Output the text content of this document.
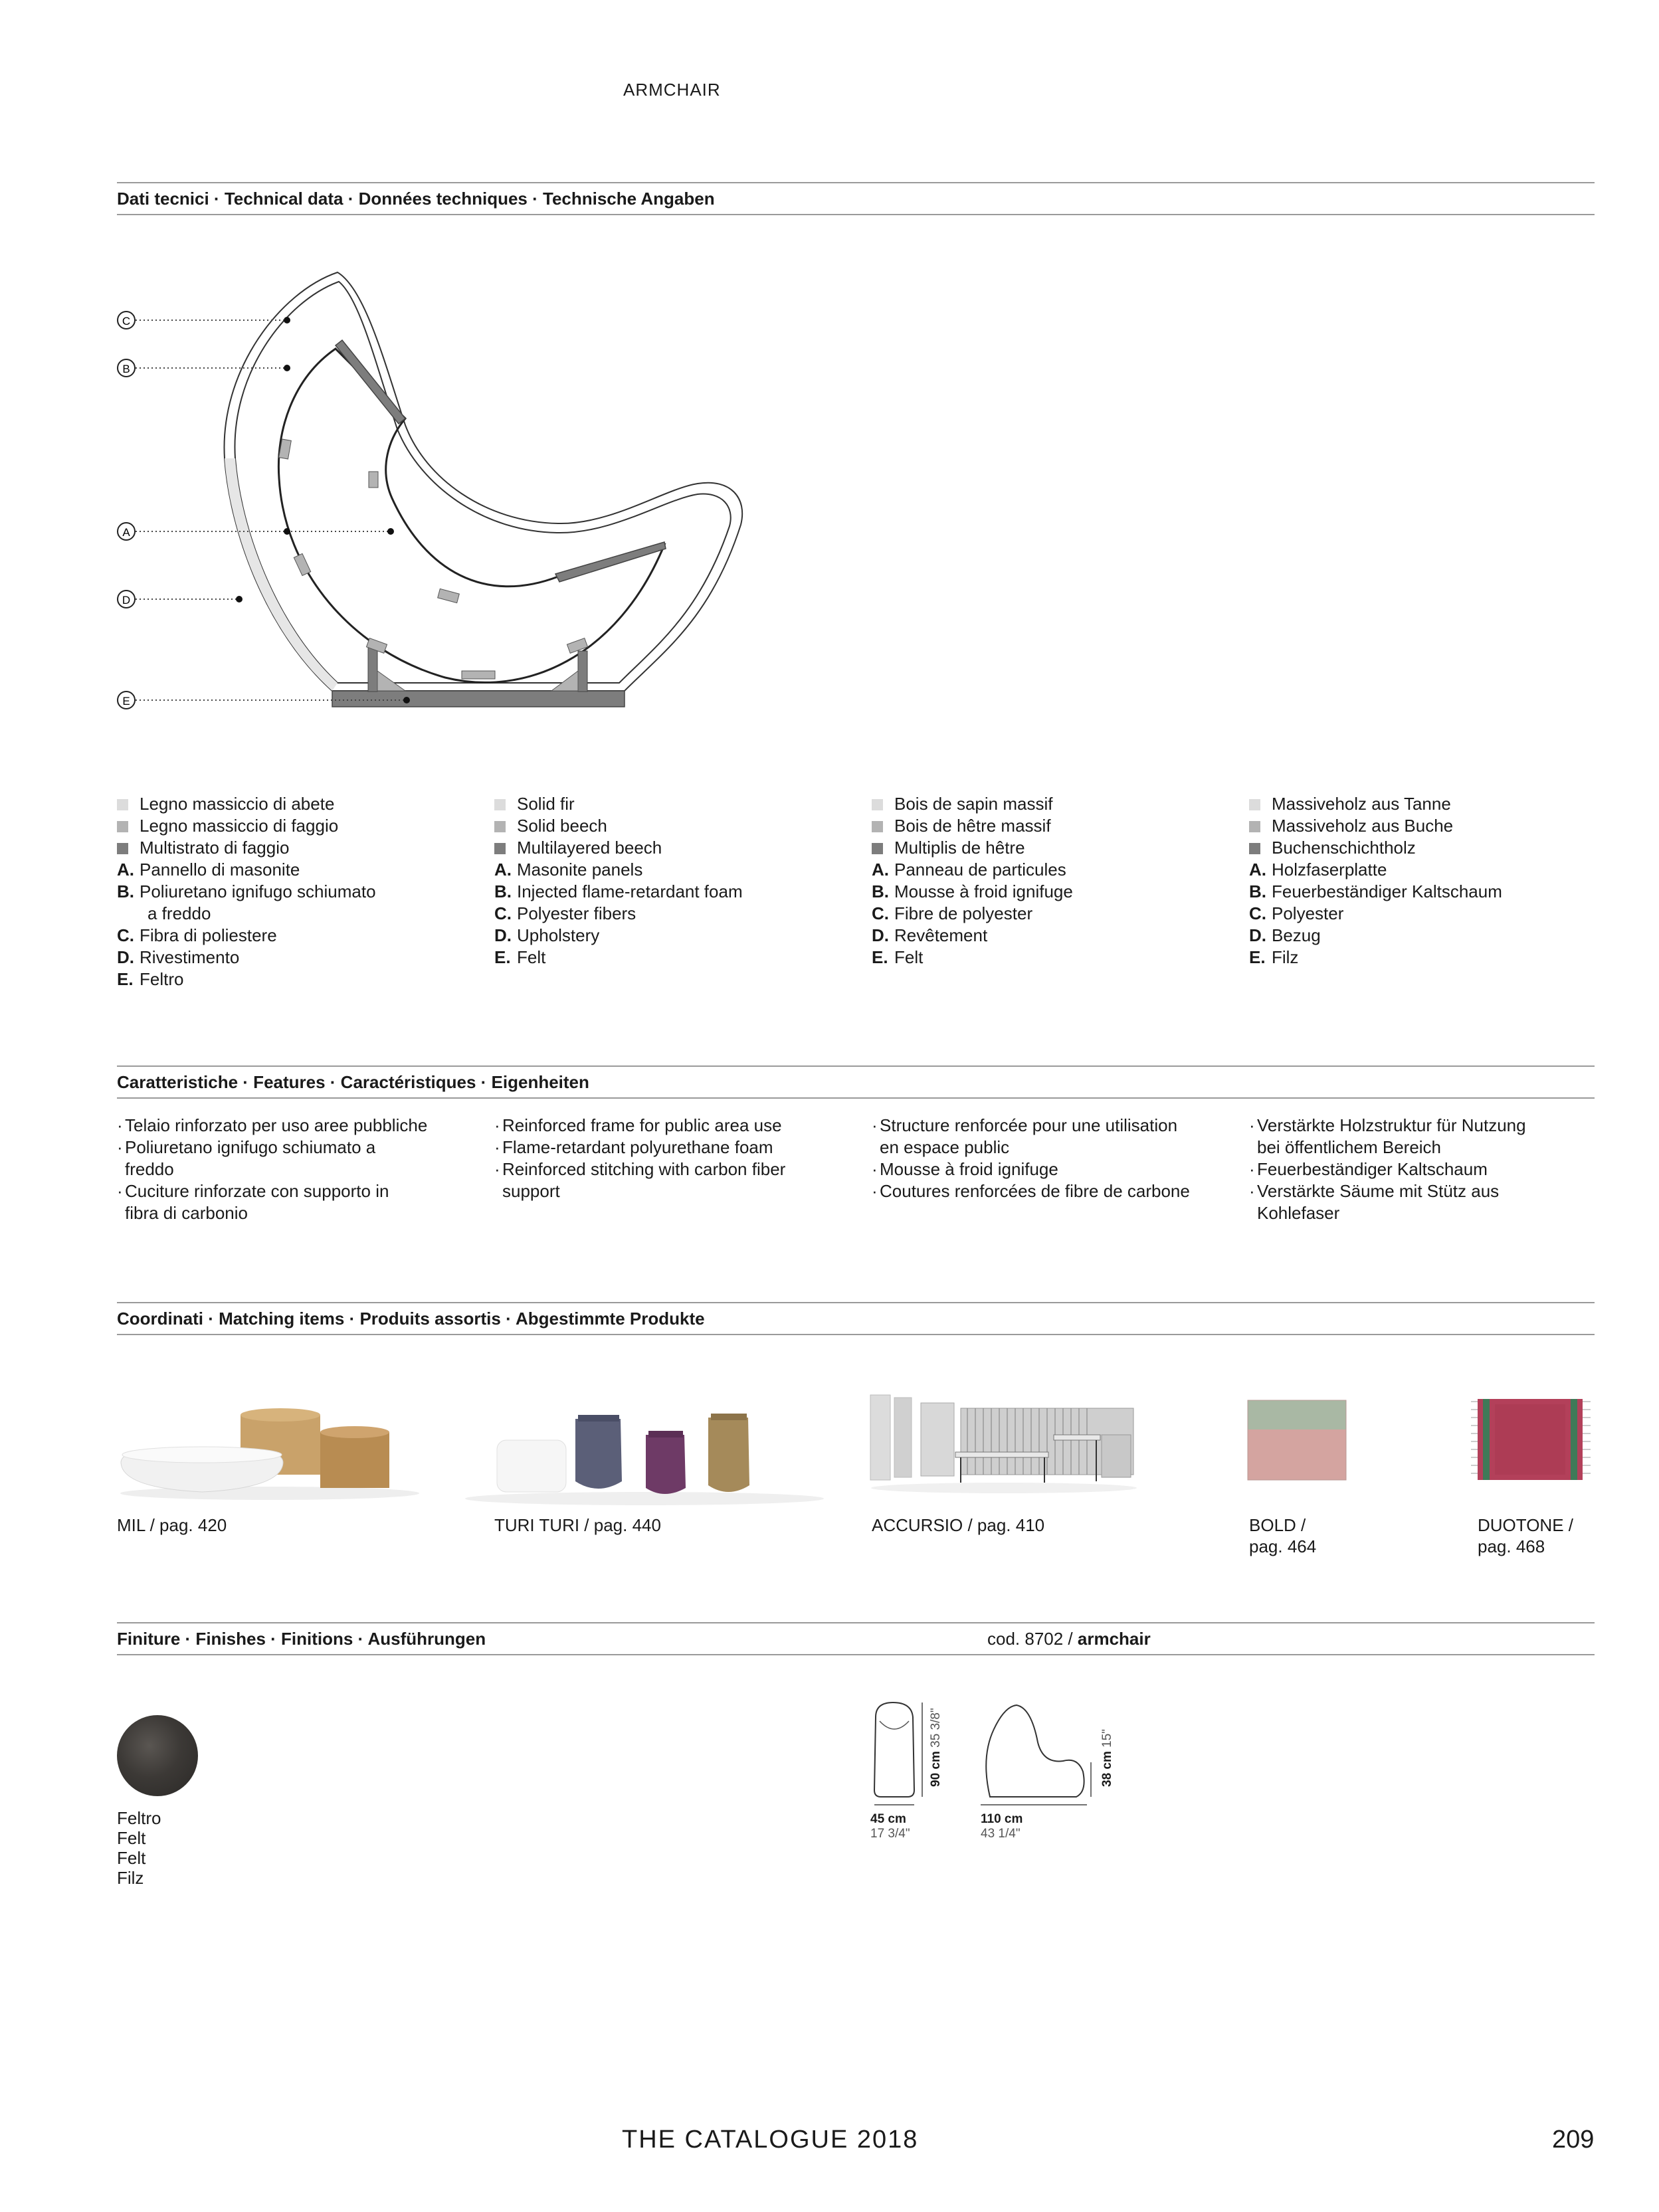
ARMCHAIR
Dati tecnici · Technical data · Données techniques · Technische Angaben
C
B
A
D
E
Legno massiccio di abete
Legno massiccio di faggio
Multistrato di faggio
A. Pannello di masonite
B. Poliuretano ignifugo schiumato
a freddo
C. Fibra di poliestere
D. Rivestimento
E. Feltro
Solid fir
Solid beech
Multilayered beech
A. Masonite panels
B. Injected flame-retardant foam
C. Polyester fibers
D. Upholstery
E. Felt
Bois de sapin massif
Bois de hêtre massif
Multiplis de hêtre
A. Panneau de particules
B. Mousse à froid ignifuge
C. Fibre de polyester
D. Revêtement
E. Felt
Massiveholz aus Tanne
Massiveholz aus Buche
Buchenschichtholz
A. Holzfaserplatte
B. Feuerbeständiger Kaltschaum
C. Polyester
D. Bezug
E. Filz
Caratteristiche · Features · Caractéristiques · Eigenheiten
· Telaio rinforzato per uso aree pubbliche
· Poliuretano ignifugo schiumato a
freddo
· Cuciture rinforzate con supporto in
fibra di carbonio
· Reinforced frame for public area use
· Flame-retardant polyurethane foam
· Reinforced stitching with carbon fiber
support
· Structure renforcée pour une utilisation
en espace public
· Mousse à froid ignifuge
· Coutures renforcées de fibre de carbone
· Verstärkte Holzstruktur für Nutzung
bei öffentlichem Bereich
· Feuerbeständiger Kaltschaum
· Verstärkte Säume mit Stütz aus
Kohlefaser
Coordinati · Matching items · Produits assortis · Abgestimmte Produkte
MIL / pag. 420	TURI TURI / pag. 440	ACCURSIO / pag. 410	BOLD /
pag. 464
DUOTONE /
pag. 468
Finiture · Finishes · Finitions · Ausführungen	cod. 8702 / armchair
Feltro
Felt
Felt
Filz
90 cm 35 3/8"
38 cm 15"
45 cm
17 3/4"
110 cm
43 1/4"
THE CATALOGUE 2018	209
